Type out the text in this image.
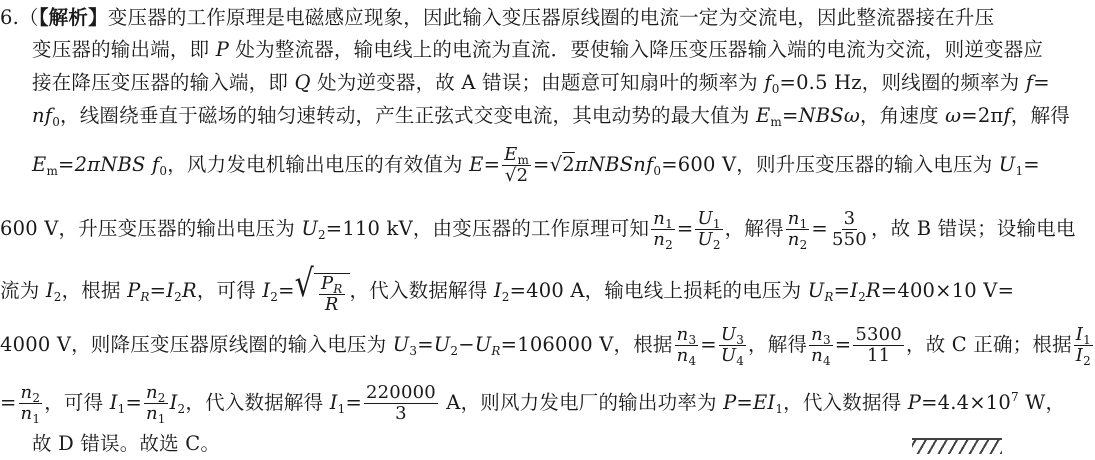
6.（【解析】变压器的工作原理是电磁感应现象，因此输入变压器原线圈的电流一定为交流电，因此整流器接在升压
变压器的输出端，即 P 处为整流器，输电线上的电流为直流．要使输入降压变压器输入端的电流为交流，则逆变器应
接在降压变压器的输入端，即 Q 处为逆变器，故 A 错误；由题意可知扇叶的频率为 $f_0=0.5$ Hz，则线圈的频率为 f=
$nf_0$，线圈绕垂直于磁场的轴匀速转动，产生正弦式交变电流，其电动势的最大值为 $E_m=NBS\omega$，角速度 ω=2πf，解得
$E_m=2\pi NBS$ $f_0$，风力发电机输出电压的有效值为 $E= \frac{E_m}{√2}$ =√2πNBSnf$_0$=600 V，则升压变压器的输入电压为 $U_1=$
600 V，升压变压器的输出电压为 $U_2=110$ kV，由变压器的工作原理可知 $\frac{n_1}{n_2} = \frac{U_1}{U_2}$ ，解得 $\frac{n_1}{n_2} = \frac{3}{550}$ ，故 B 错误；设输电电
流为 $I_2$，根据 $P_R=I_2R$，可得 $I_2=$ √ $\frac{P_R}{R}$ ，代入数据解得 $I_2=400$ A，输电线上损耗的电压为 $U_R=I_2R=400\times 10$ V=
4000 V，则降压变压器原线圈的输入电压为 $U_3=U_2-U_R=106000$ V，根据 $\frac{n_3}{n_4} = \frac{U_3}{U_4}$ ，解得 $\frac{n_3}{n_4} = \frac{5300}{11}$ ，故 C 正确；根据 $\frac{I_1}{I_2}$
= $\frac{n_2}{n_1}$ ，可得 $I_1= \frac{n_2}{n_1} I_2$，代入数据解得 $I_1= \frac{220000}{3}$ A，则风力发电厂的输出功率为 $P=EI_1$，代入数据得 $P=4.4\times 10^7$ W，
故 D 错误。故选 C。
